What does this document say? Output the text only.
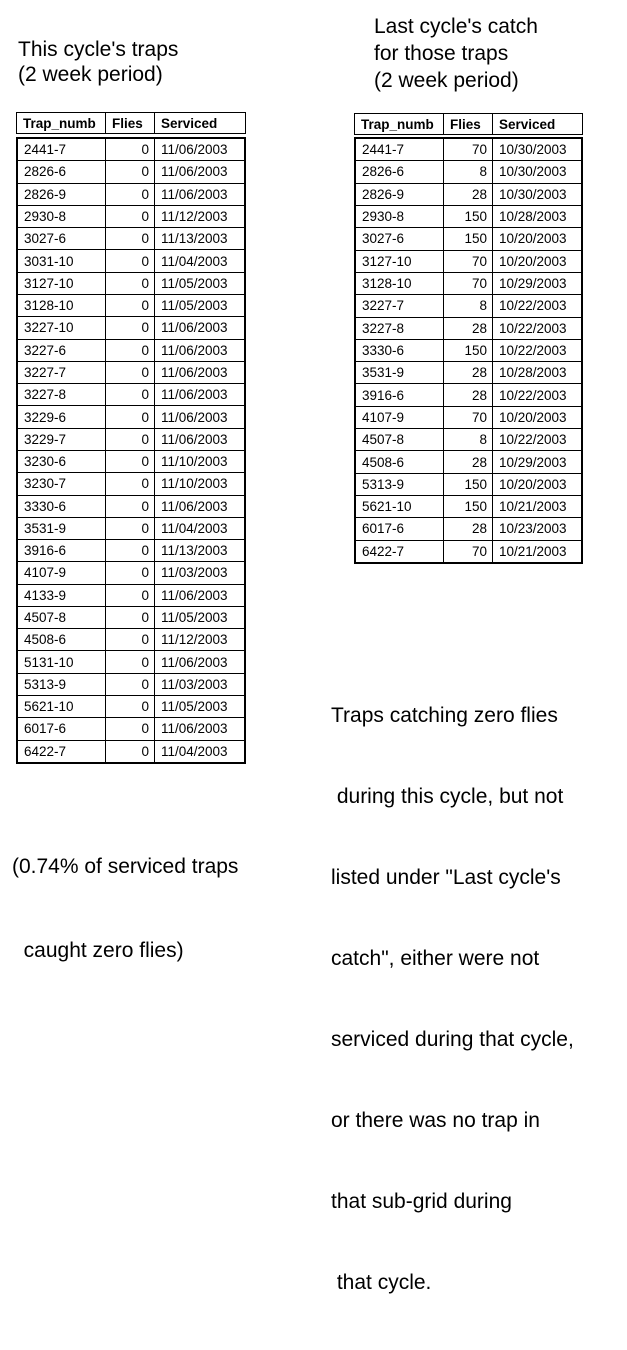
This cycle's traps
(2 week period)
Last cycle's catch
for those traps
(2 week period)
Trap_numb	Flies	Serviced
2441-7	0 11/06/2003
2826-6	0 11/06/2003
2826-9	0 11/06/2003
2930-8	0 11/12/2003
3027-6	0 11/13/2003
3031-10	0 11/04/2003
3127-10	0 11/05/2003
3128-10	0 11/05/2003
3227-10	0 11/06/2003
3227-6	0 11/06/2003
3227-7	0 11/06/2003
3227-8	0 11/06/2003
3229-6	0 11/06/2003
3229-7	0 11/06/2003
3230-6	0 11/10/2003
3230-7	0 11/10/2003
3330-6	0 11/06/2003
3531-9	0 11/04/2003
3916-6	0 11/13/2003
4107-9	0 11/03/2003
4133-9	0 11/06/2003
4507-8	0 11/05/2003
4508-6	0 11/12/2003
5131-10	0 11/06/2003
5313-9	0 11/03/2003
5621-10	0 11/05/2003
6017-6	0 11/06/2003
6422-7	0 11/04/2003
Trap_numb	Flies	Serviced
2441-7	70 10/30/2003
2826-6	8 10/30/2003
2826-9	28 10/30/2003
2930-8	150 10/28/2003
3027-6	150 10/20/2003
3127-10	70 10/20/2003
3128-10	70 10/29/2003
3227-7	8 10/22/2003
3227-8	28 10/22/2003
3330-6	150 10/22/2003
3531-9	28 10/28/2003
3916-6	28 10/22/2003
4107-9	70 10/20/2003
4507-8	8 10/22/2003
4508-6	28 10/29/2003
5313-9	150 10/20/2003
5621-10	150 10/21/2003
6017-6	28 10/23/2003
6422-7	70 10/21/2003

(0.74% of serviced traps

caught zero flies)

Traps catching zero flies

during this cycle, but not

listed under "Last cycle's

catch", either were not

serviced during that cycle,

or there was no trap in

that sub-grid during

that cycle.
